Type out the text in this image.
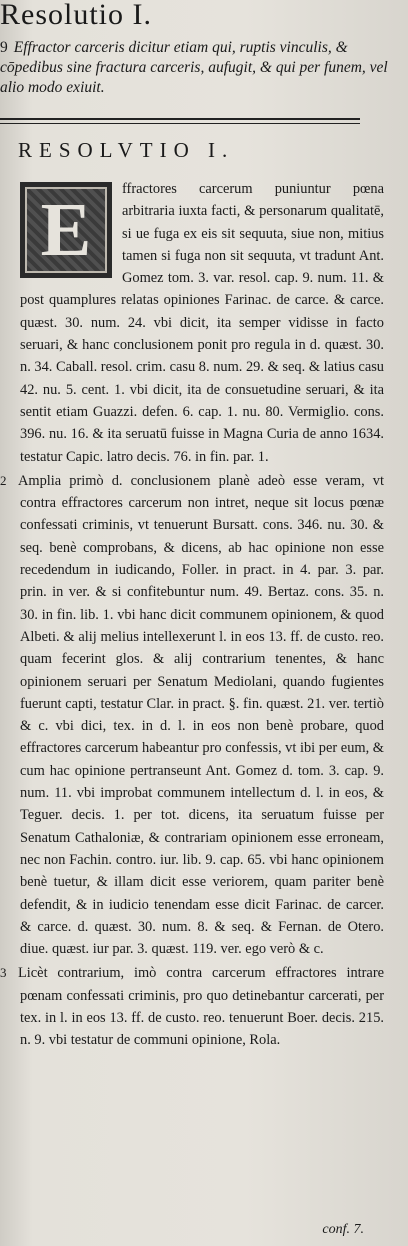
Resolutio I.
9 Effractor carceris dicitur etiam qui, ruptis vinculis, & cōpedibus sine fractura carceris, aufugit, & qui per funem, vel alio modo exiuit.
RESOLVTIO I.

E	ffractores carcerum puniuntur pœna arbitraria iuxta facti, & personarum qualitatē, si ue fuga ex eis sit sequuta, siue non, mitius tamen si fuga non sit sequuta, vt tradunt Ant. Gomez tom. 3. var. resol. cap. 9. num. 11. & post quamplures relatas opiniones Farinac. de carce. & carce. quæst. 30. num. 24. vbi dicit, ita semper vidisse in facto seruari, & hanc conclusionem ponit pro regula in d. quæst. 30. n. 34. Caball. resol. crim. casu 8. num. 29. & seq. & latius casu 42. nu. 5. cent. 1. vbi dicit, ita de consuetudine seruari, & ita sentit etiam Guazzi. defen. 6. cap. 1. nu. 80. Vermiglio. cons. 396. nu. 16. & ita seruatū fuisse in Magna Curia de anno 1634. testatur Capic. latro decis. 76. in fin. par. 1.

2 Amplia primò d. conclusionem planè adeò esse veram, vt contra effractores carcerum non intret, neque sit locus pœnæ confessati criminis, vt tenuerunt Bursatt. cons. 346. nu. 30. & seq. benè comprobans, & dicens, ab hac opinione non esse recedendum in iudicando, Foller. in pract. in 4. par. 3. par. prin. in ver. & si confitebuntur num. 49. Bertaz. cons. 35. n. 30. in fin. lib. 1. vbi hanc dicit communem opinionem, & quod Albeti. & alij melius intellexerunt l. in eos 13. ff. de custo. reo. quam fecerint glos. & alij contrarium tenentes, & hanc opinionem seruari per Senatum Mediolani, quando fugientes fuerunt capti, testatur Clar. in pract. §. fin. quæst. 21. ver. tertiò & c. vbi dici, tex. in d. l. in eos non benè probare, quod effractores carcerum habeantur pro confessis, vt ibi per eum, & cum hac opinione pertranseunt Ant. Gomez d. tom. 3. cap. 9. num. 11. vbi improbat communem intellectum d. l. in eos, & Teguer. decis. 1. per tot. dicens, ita seruatum fuisse per Senatum Cathaloniæ, & contrariam opinionem esse erroneam, nec non Fachin. contro. iur. lib. 9. cap. 65. vbi hanc opinionem benè tuetur, & illam dicit esse veriorem, quam pariter benè defendit, & in iudicio tenendam esse dicit Farinac. de carcer. & carce. d. quæst. 30. num. 8. & seq. & Fernan. de Otero. diue. quæst. iur par. 3. quæst. 119. ver. ego verò & c.

3 Licèt contrarium, imò contra carcerum effractores intrare pœnam confessati criminis, pro quo detinebantur carcerati, per tex. in l. in eos 13. ff. de custo. reo. tenuerunt Boer. decis. 215. n. 9. vbi testatur de communi opinione, Rola.

conf. 7.
